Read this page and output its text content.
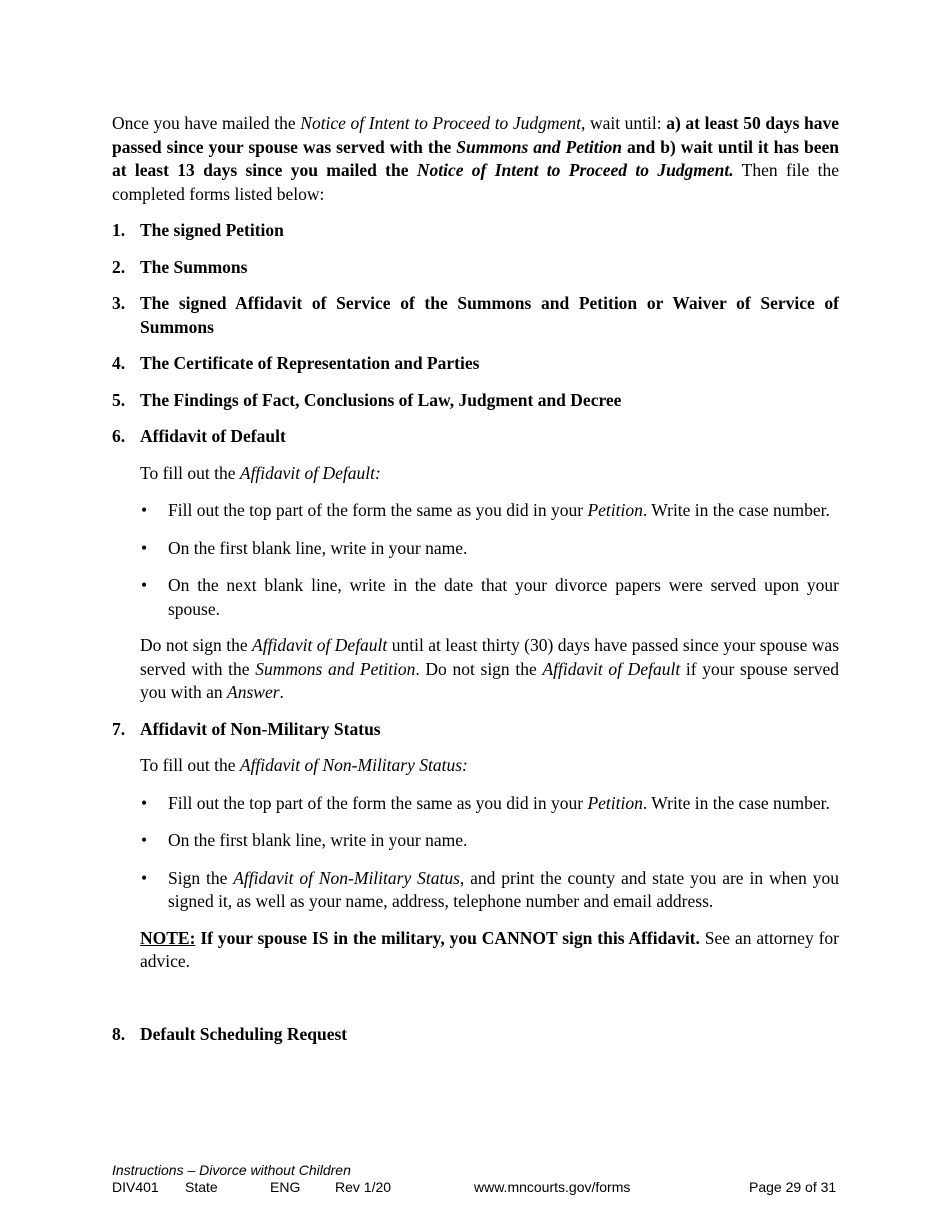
Once you have mailed the Notice of Intent to Proceed to Judgment, wait until: a) at least 50 days have passed since your spouse was served with the Summons and Petition and b) wait until it has been at least 13 days since you mailed the Notice of Intent to Proceed to Judgment. Then file the completed forms listed below:

1. The signed Petition
2. The Summons
3. The signed Affidavit of Service of the Summons and Petition or Waiver of Service of Summons
4. The Certificate of Representation and Parties
5. The Findings of Fact, Conclusions of Law, Judgment and Decree
6. Affidavit of Default

To fill out the Affidavit of Default:

• Fill out the top part of the form the same as you did in your Petition. Write in the case number.
• On the first blank line, write in your name.
• On the next blank line, write in the date that your divorce papers were served upon your spouse.

Do not sign the Affidavit of Default until at least thirty (30) days have passed since your spouse was served with the Summons and Petition. Do not sign the Affidavit of Default if your spouse served you with an Answer.

7. Affidavit of Non-Military Status

To fill out the Affidavit of Non-Military Status:

• Fill out the top part of the form the same as you did in your Petition. Write in the case number.
• On the first blank line, write in your name.
• Sign the Affidavit of Non-Military Status, and print the county and state you are in when you signed it, as well as your name, address, telephone number and email address.

NOTE: If your spouse IS in the military, you CANNOT sign this Affidavit. See an attorney for advice.

8. Default Scheduling Request
Instructions – Divorce without Children
DIV401 State	ENG Rev 1/20	www.mncourts.gov/forms	Page 29 of 31
